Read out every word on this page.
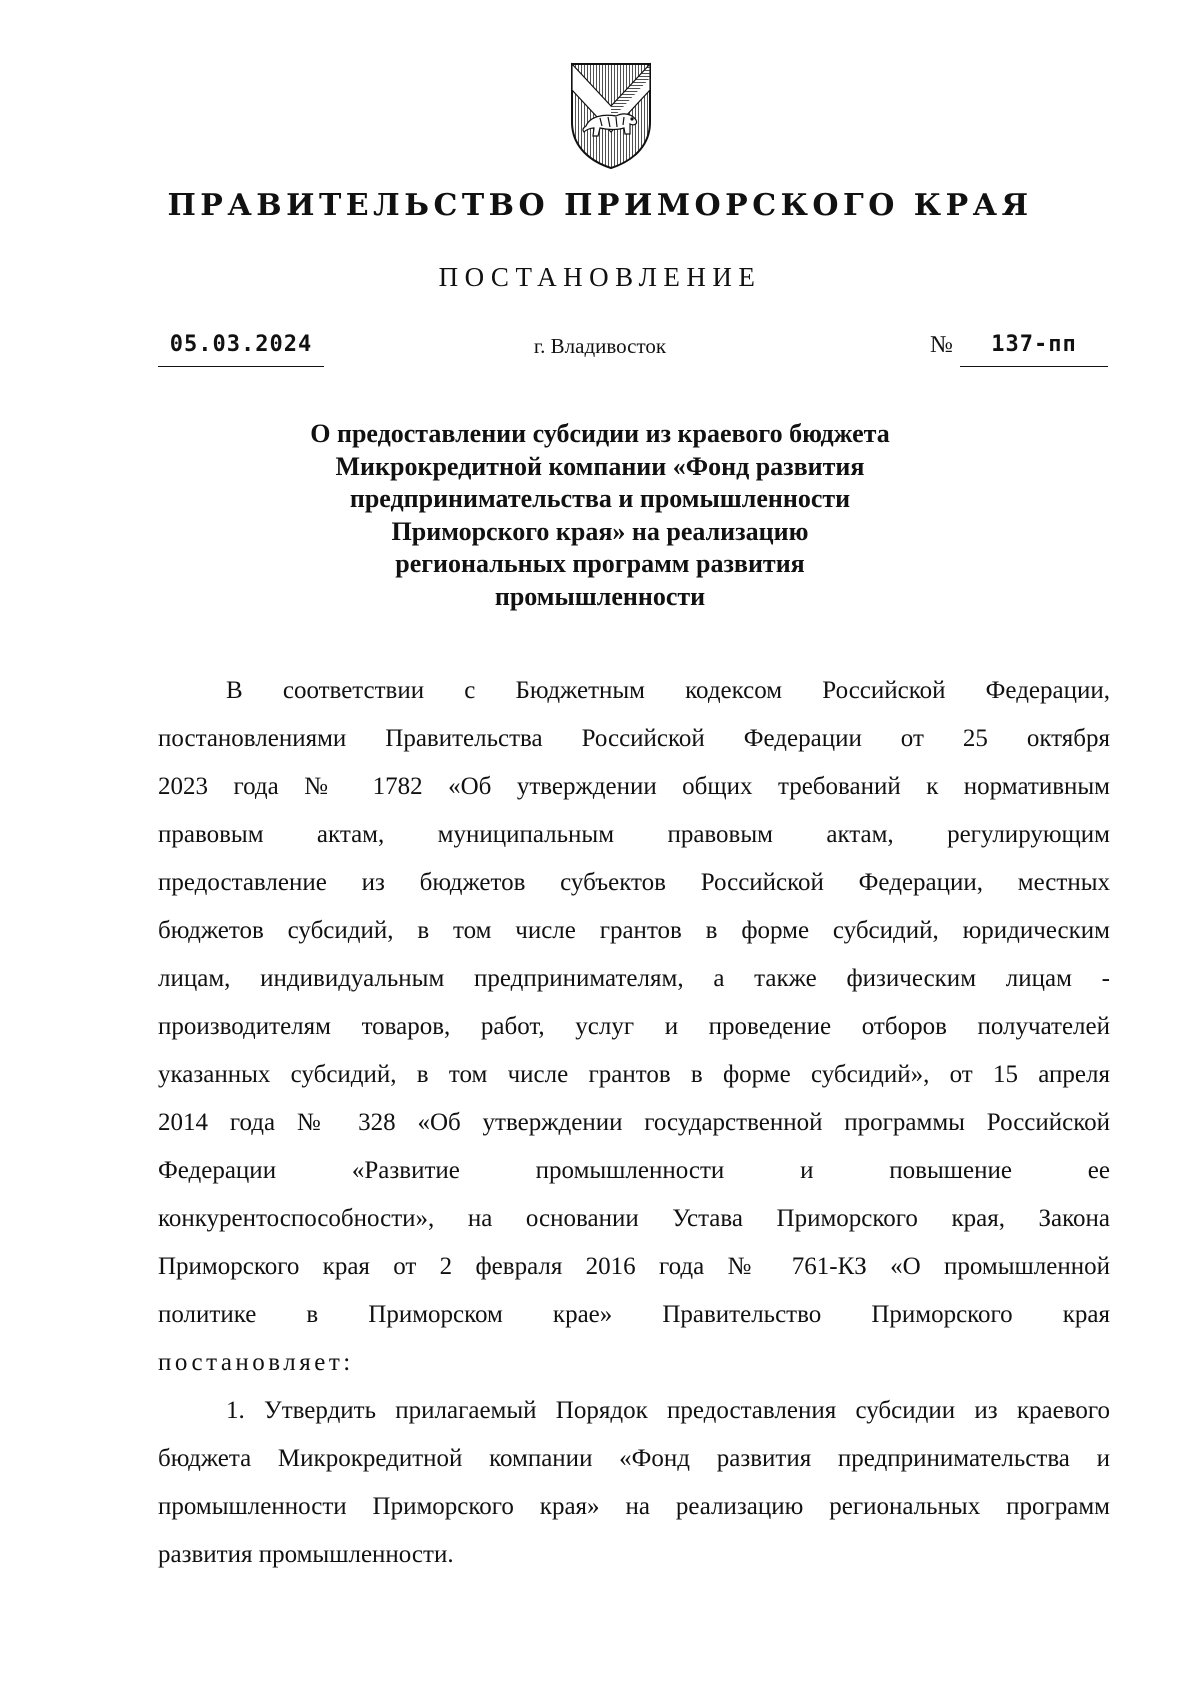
ПРАВИТЕЛЬСТВО ПРИМОРСКОГО КРАЯ
ПОСТАНОВЛЕНИЕ
05.03.2024	г. Владивосток	№	137-пп
О предоставлении субсидии из краевого бюджета
Микрокредитной компании «Фонд развития
предпринимательства и промышленности
Приморского края» на реализацию
региональных программ развития
промышленности
В соответствии с Бюджетным кодексом Российской Федерации,
постановлениями Правительства Российской Федерации от 25 октября
2023 года № 1782 «Об утверждении общих требований к нормативным
правовым актам, муниципальным правовым актам, регулирующим
предоставление из бюджетов субъектов Российской Федерации, местных
бюджетов субсидий, в том числе грантов в форме субсидий, юридическим
лицам, индивидуальным предпринимателям, а также физическим лицам -
производителям товаров, работ, услуг и проведение отборов получателей
указанных субсидий, в том числе грантов в форме субсидий», от 15 апреля
2014 года № 328 «Об утверждении государственной программы Российской
Федерации «Развитие промышленности и повышение ее
конкурентоспособности», на основании Устава Приморского края, Закона
Приморского края от 2 февраля 2016 года № 761-КЗ «О промышленной
политике в Приморском крае» Правительство Приморского края
постановляет:
1. Утвердить прилагаемый Порядок предоставления субсидии из краевого
бюджета Микрокредитной компании «Фонд развития предпринимательства и
промышленности Приморского края» на реализацию региональных программ
развития промышленности.
